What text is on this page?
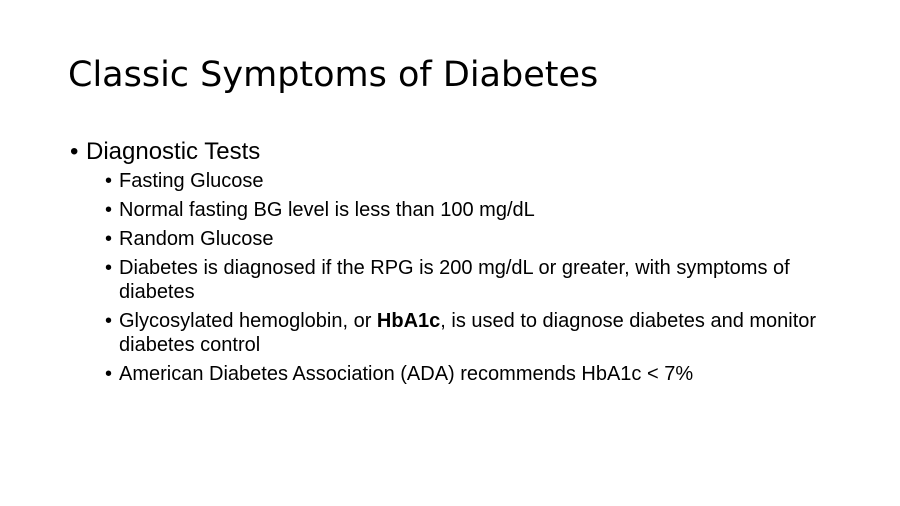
Classic Symptoms of Diabetes
• Diagnostic Tests
• Fasting Glucose
• Normal fasting BG level is less than 100 mg/dL
• Random Glucose
• Diabetes is diagnosed if the RPG is 200 mg/dL or greater, with symptoms of diabetes
• Glycosylated hemoglobin, or HbA1c, is used to diagnose diabetes and monitor diabetes control
• American Diabetes Association (ADA) recommends HbA1c < 7%
